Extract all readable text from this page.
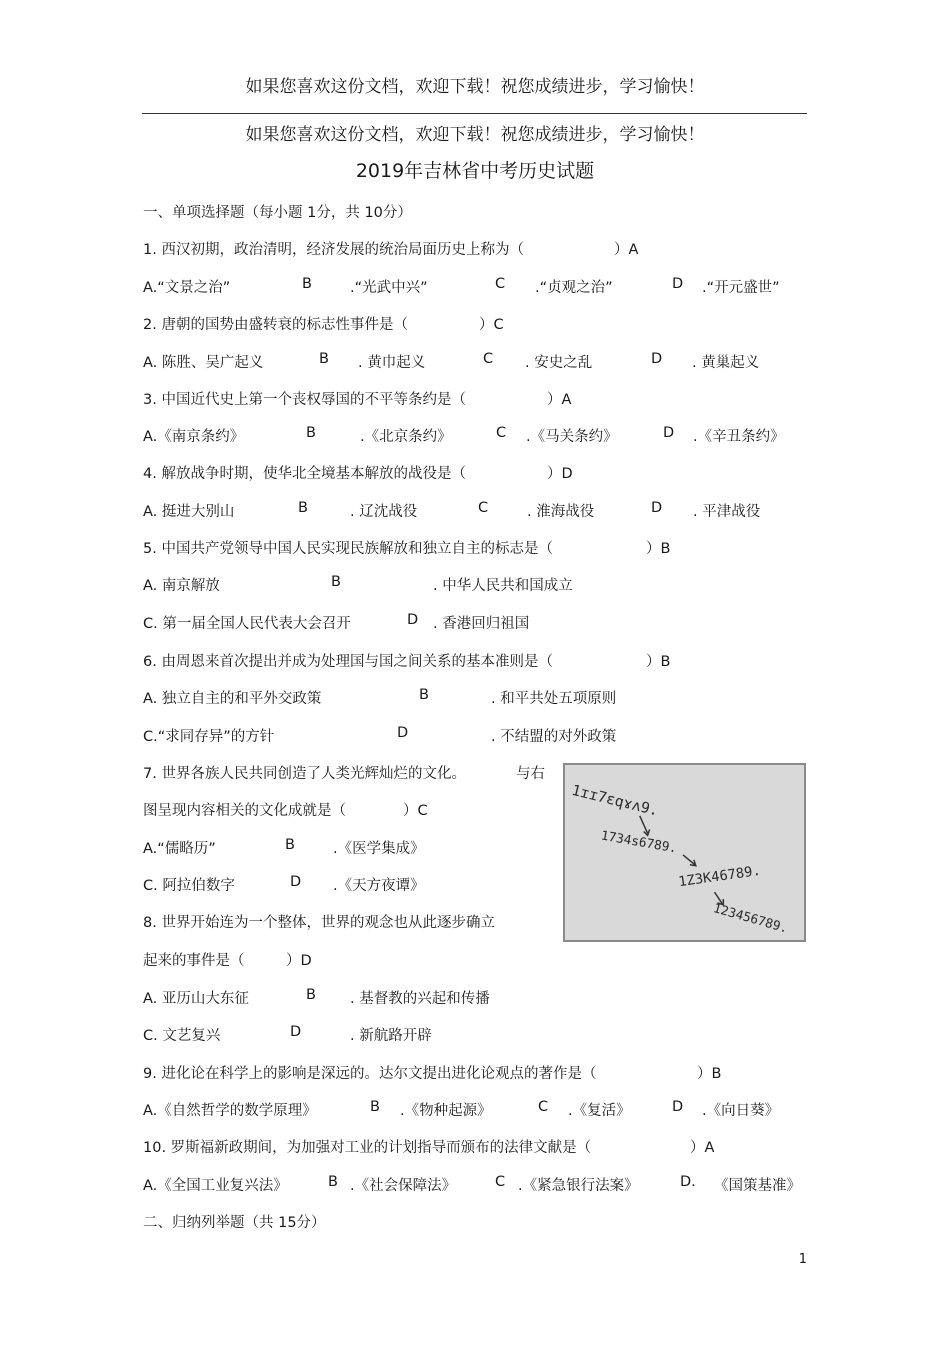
如果您喜欢这份文档，欢迎下载！祝您成绩进步，学习愉快！
如果您喜欢这份文档，欢迎下载！祝您成绩进步，学习愉快！
2019年吉林省中考历史试题
一、单项选择题（每小题 1分，共 10分）
1. 西汉初期，政治清明，经济发展的统治局面历史上称为（	）A
A.“文景之治”	B	.“光武中兴”	C .“贞观之治”	D .“开元盛世”
2. 唐朝的国势由盛转衰的标志性事件是（	）C
A. 陈胜、吴广起义	B . 黄巾起义	C . 安史之乱	D . 黄巢起义
3. 中国近代史上第一个丧权辱国的不平等条约是（	）A
A.《南京条约》	B	.《北京条约》	C .《马关条约》	D .《辛丑条约》
4. 解放战争时期，使华北全境基本解放的战役是（	）D
A. 挺进大别山	B	. 辽沈战役	C	. 淮海战役	D . 平津战役
5. 中国共产党领导中国人民实现民族解放和独立自主的标志是（	）B
A. 南京解放	B	. 中华人民共和国成立
C. 第一届全国人民代表大会召开	D . 香港回归祖国
6. 由周恩来首次提出并成为处理国与国之间关系的基本准则是（	）B
A. 独立自主的和平外交政策	B	. 和平共处五项原则
C.“求同存异”的方针	D	. 不结盟的对外政策
7. 世界各族人民共同创造了人类光辉灿烂的文化。	与右
图呈现内容相关的文化成就是（	）C
A.“儒略历”	B	.《医学集成》
C. 阿拉伯数字	D .《天方夜谭》
1ɪɪ7ɛqɤʌ9.
1734s6789.
1Z3K46789.
123456789.
8. 世界开始连为一个整体，世界的观念也从此逐步确立
起来的事件是（	）D
A. 亚历山大东征	B . 基督教的兴起和传播
C. 文艺复兴	D	. 新航路开辟
9. 进化论在科学上的影响是深远的。达尔文提出进化论观点的著作是（	）B
A.《自然哲学的数学原理》	B .《物种起源》	C .《复活》	D .《向日葵》
10. 罗斯福新政期间，为加强对工业的计划指导而颁布的法律文献是（	）A
A.《全国工业复兴法》	B .《社会保障法》	C .《紧急银行法案》	D. 《国策基准》
二、归纳列举题（共 15分）
1
